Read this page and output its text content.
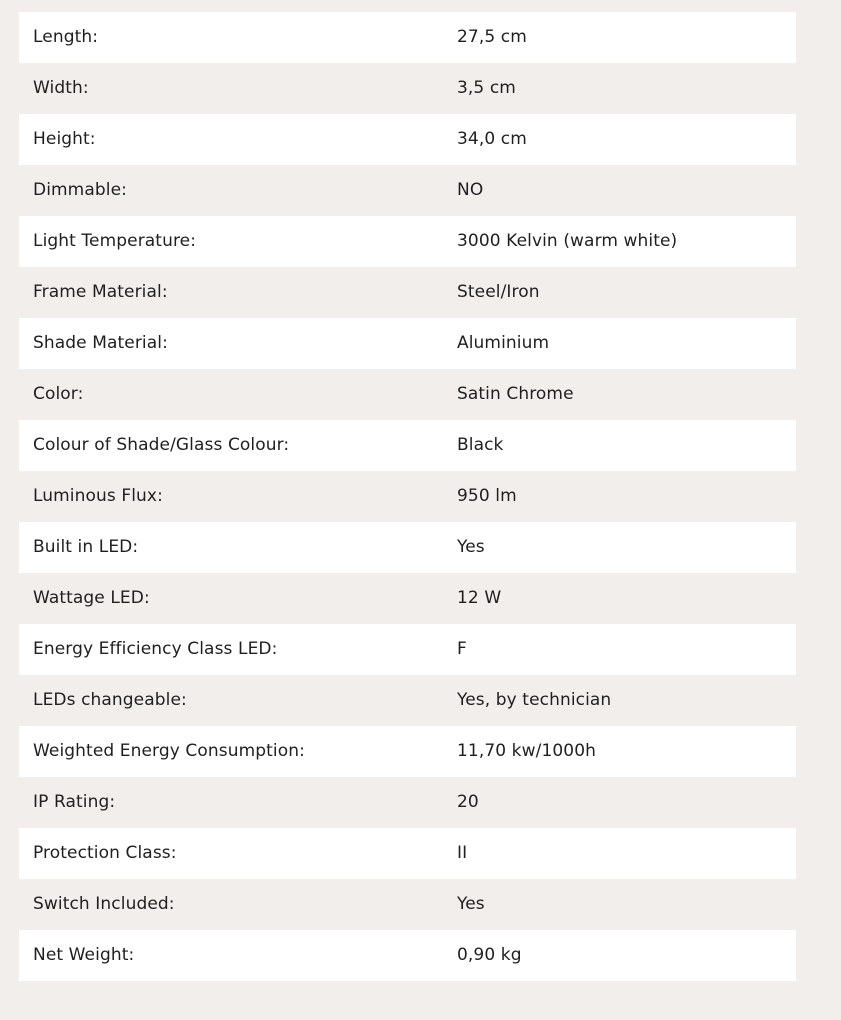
Length:	27,5 cm
Width:	3,5 cm
Height:	34,0 cm
Dimmable:	NO
Light Temperature:	3000 Kelvin (warm white)
Frame Material:	Steel/Iron
Shade Material:	Aluminium
Color:	Satin Chrome
Colour of Shade/Glass Colour:	Black
Luminous Flux:	950 lm
Built in LED:	Yes
Wattage LED:	12 W
Energy Efficiency Class LED:	F
LEDs changeable:	Yes, by technician
Weighted Energy Consumption:	11,70 kw/1000h
IP Rating:	20
Protection Class:	II
Switch Included:	Yes
Net Weight:	0,90 kg
